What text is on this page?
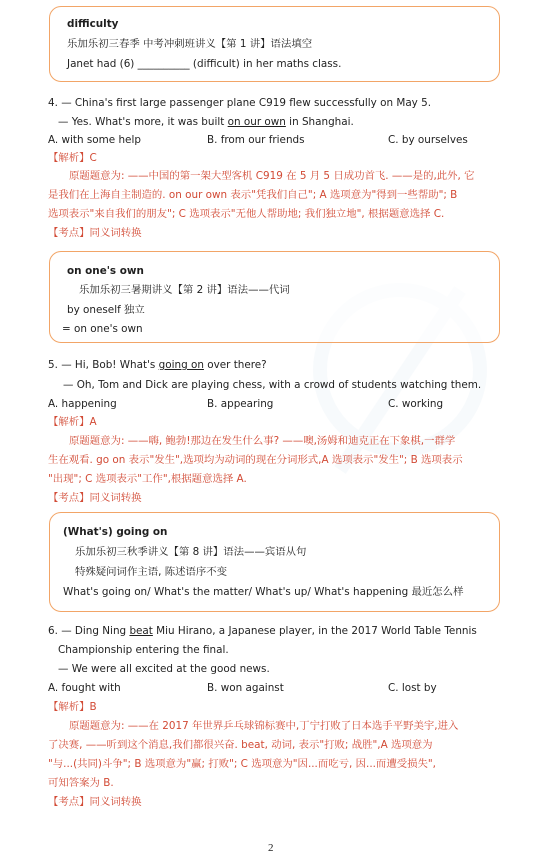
difficulty
乐加乐初三春季 中考冲刺班讲义【第 1 讲】语法填空
Janet had (6) __________ (difficult) in her maths class.
4. — China's first large passenger plane C919 flew successfully on May 5.
— Yes. What's more, it was built on our own in Shanghai.
A. with some help	B. from our friends	C. by ourselves
【解析】C
原题题意为: ——中国的第一架大型客机 C919 在 5 月 5 日成功首飞. ——是的,此外, 它
是我们在上海自主制造的. on our own 表示"凭我们自己"; A 选项意为"得到一些帮助"; B
选项表示"来自我们的朋友"; C 选项表示"无他人帮助地; 我们独立地", 根据题意选择 C.
【考点】同义词转换
on one's own
乐加乐初三暑期讲义【第 2 讲】语法——代词
by oneself 独立
= on one's own
5. — Hi, Bob! What's going on over there?
— Oh, Tom and Dick are playing chess, with a crowd of students watching them.
A. happening	B. appearing	C. working
【解析】A
原题题意为: ——嗨, 鲍勃!那边在发生什么事? ——噢,汤姆和迪克正在下象棋,一群学
生在观看. go on 表示"发生",选项均为动词的现在分词形式,A 选项表示"发生"; B 选项表示
"出现"; C 选项表示"工作",根据题意选择 A.
【考点】同义词转换
(What's) going on
乐加乐初三秋季讲义【第 8 讲】语法——宾语从句
特殊疑问词作主语, 陈述语序不变
What's going on/ What's the matter/ What's up/ What's happening 最近怎么样
6. — Ding Ning beat Miu Hirano, a Japanese player, in the 2017 World Table Tennis
Championship entering the final.
— We were all excited at the good news.
A. fought with	B. won against	C. lost by
【解析】B
原题题意为: ——在 2017 年世界乒乓球锦标赛中,丁宁打败了日本选手平野美宇,进入
了决赛, ——听到这个消息,我们都很兴奋. beat, 动词, 表示"打败; 战胜",A 选项意为
"与...(共同)斗争"; B 选项意为"赢; 打败"; C 选项意为"因...而吃亏, 因...而遭受损失",
可知答案为 B.
【考点】同义词转换
2
